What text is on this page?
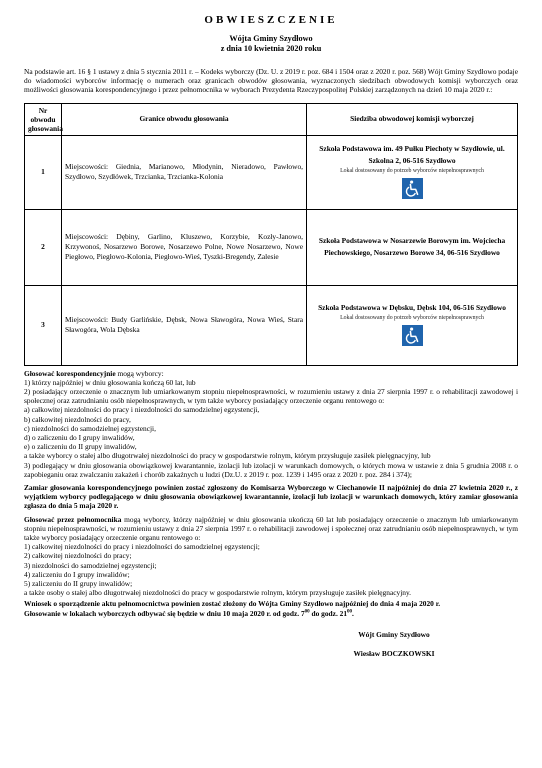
OBWIESZCZENIE
Wójta Gminy Szydłowo
z dnia 10 kwietnia 2020 roku
Na podstawie art. 16 § 1 ustawy z dnia 5 stycznia 2011 r. – Kodeks wyborczy (Dz. U. z 2019 r. poz. 684 i 1504 oraz z 2020 r. poz. 568) Wójt Gminy Szydłowo podaje do wiadomości wyborców informację o numerach oraz granicach obwodów głosowania, wyznaczonych siedzibach obwodowych komisji wyborczych oraz możliwości głosowania korespondencyjnego i przez pełnomocnika w wyborach Prezydenta Rzeczypospolitej Polskiej zarządzonych na dzień 10 maja 2020 r.:
Nr obwodu głosowania	Granice obwodu głosowania	Siedziba obwodowej komisji wyborczej
1	Miejscowości: Giednia, Marianowo, Młodynin, Nieradowo, Pawłowo, Szydłowo, Szydłówek, Trzcianka, Trzcianka-Kolonia	Szkoła Podstawowa im. 49 Pułku Piechoty w Szydłowie, ul. Szkolna 2, 06-516 Szydłowo
Lokal dostosowany do potrzeb wyborców niepełnosprawnych

2	Miejscowości: Dębiny, Garlino, Kluszewo, Korzybie, Kozły-Janowo, Krzywonoś, Nosarzewo Borowe, Nosarzewo Polne, Nowe Nosarzewo, Nowe Piegłowo, Piegłowo-Kolonia, Piegłowo-Wieś, Tyszki-Bregendy, Zalesie	Szkoła Podstawowa w Nosarzewie Borowym im. Wojciecha Piechowskiego, Nosarzewo Borowe 34, 06-516 Szydłowo

3	Miejscowości: Budy Garlińskie, Dębsk, Nowa Sławogóra, Nowa Wieś, Stara Sławogóra, Wola Dębska	Szkoła Podstawowa w Dębsku, Dębsk 104, 06-516 Szydłowo
Lokal dostosowany do potrzeb wyborców niepełnosprawnych
Głosować korespondencyjnie mogą wyborcy:
1) którzy najpóźniej w dniu głosowania kończą 60 lat, lub
2) posiadający orzeczenie o znacznym lub umiarkowanym stopniu niepełnosprawności, w rozumieniu ustawy z dnia 27 sierpnia 1997 r. o rehabilitacji zawodowej i społecznej oraz zatrudnianiu osób niepełnosprawnych, w tym także wyborcy posiadający orzeczenie organu rentowego o:
a) całkowitej niezdolności do pracy i niezdolności do samodzielnej egzystencji,
b) całkowitej niezdolności do pracy,
c) niezdolności do samodzielnej egzystencji,
d) o zaliczeniu do I grupy inwalidów,
e) o zaliczeniu do II grupy inwalidów,
a także wyborcy o stałej albo długotrwałej niezdolności do pracy w gospodarstwie rolnym, którym przysługuje zasiłek pielęgnacyjny, lub
3) podlegający w dniu głosowania obowiązkowej kwarantannie, izolacji lub izolacji w warunkach domowych, o których mowa w ustawie z dnia 5 grudnia 2008 r. o zapobieganiu oraz zwalczaniu zakażeń i chorób zakaźnych u ludzi (Dz.U. z 2019 r. poz. 1239 i 1495 oraz z 2020 r. poz. 284 i 374);
Zamiar głosowania korespondencyjnego powinien zostać zgłoszony do Komisarza Wyborczego w Ciechanowie II najpóźniej do dnia 27 kwietnia 2020 r., z wyjątkiem wyborcy podlegającego w dniu głosowania obowiązkowej kwarantannie, izolacji lub izolacji w warunkach domowych, który zamiar głosowania zgłasza do dnia 5 maja 2020 r.
Głosować przez pełnomocnika mogą wyborcy, którzy najpóźniej w dniu głosowania ukończą 60 lat lub posiadający orzeczenie o znacznym lub umiarkowanym stopniu niepełnosprawności, w rozumieniu ustawy z dnia 27 sierpnia 1997 r. o rehabilitacji zawodowej i społecznej oraz zatrudnianiu osób niepełnosprawnych, w tym także wyborcy posiadający orzeczenie organu rentowego o:
1) całkowitej niezdolności do pracy i niezdolności do samodzielnej egzystencji;
2) całkowitej niezdolności do pracy;
3) niezdolności do samodzielnej egzystencji;
4) zaliczeniu do I grupy inwalidów;
5) zaliczeniu do II grupy inwalidów;
a także osoby o stałej albo długotrwałej niezdolności do pracy w gospodarstwie rolnym, którym przysługuje zasiłek pielęgnacyjny.
Wniosek o sporządzenie aktu pełnomocnictwa powinien zostać złożony do Wójta Gminy Szydłowo najpóźniej do dnia 4 maja 2020 r.
Głosowanie w lokalach wyborczych odbywać się będzie w dniu 10 maja 2020 r. od godz. $7^{00}$ do godz. $21^{00}$.
Wójt Gminy Szydłowo
Wiesław BOCZKOWSKI
